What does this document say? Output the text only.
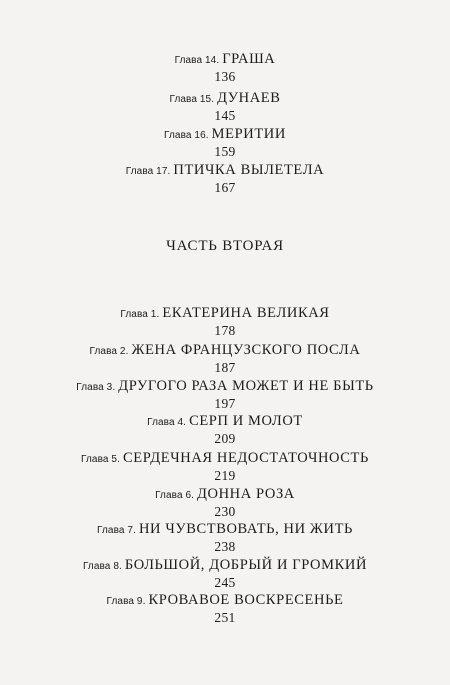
Глава 14. ГРАША
136
Глава 15. ДУНАЕВ
145
Глава 16. МЕРИТИИ
159
Глава 17. ПТИЧКА ВЫЛЕТЕЛА
167
ЧАСТЬ ВТОРАЯ
Глава 1. ЕКАТЕРИНА ВЕЛИКАЯ
178
Глава 2. ЖЕНА ФРАНЦУЗСКОГО ПОСЛА
187
Глава 3. ДРУГОГО РАЗА МОЖЕТ И НЕ БЫТЬ
197
Глава 4. СЕРП И МОЛОТ
209
Глава 5. СЕРДЕЧНАЯ НЕДОСТАТОЧНОСТЬ
219
Глава 6. ДОННА РОЗА
230
Глава 7. НИ ЧУВСТВОВАТЬ, НИ ЖИТЬ
238
Глава 8. БОЛЬШОЙ, ДОБРЫЙ И ГРОМКИЙ
245
Глава 9. КРОВАВОЕ ВОСКРЕСЕНЬЕ
251
